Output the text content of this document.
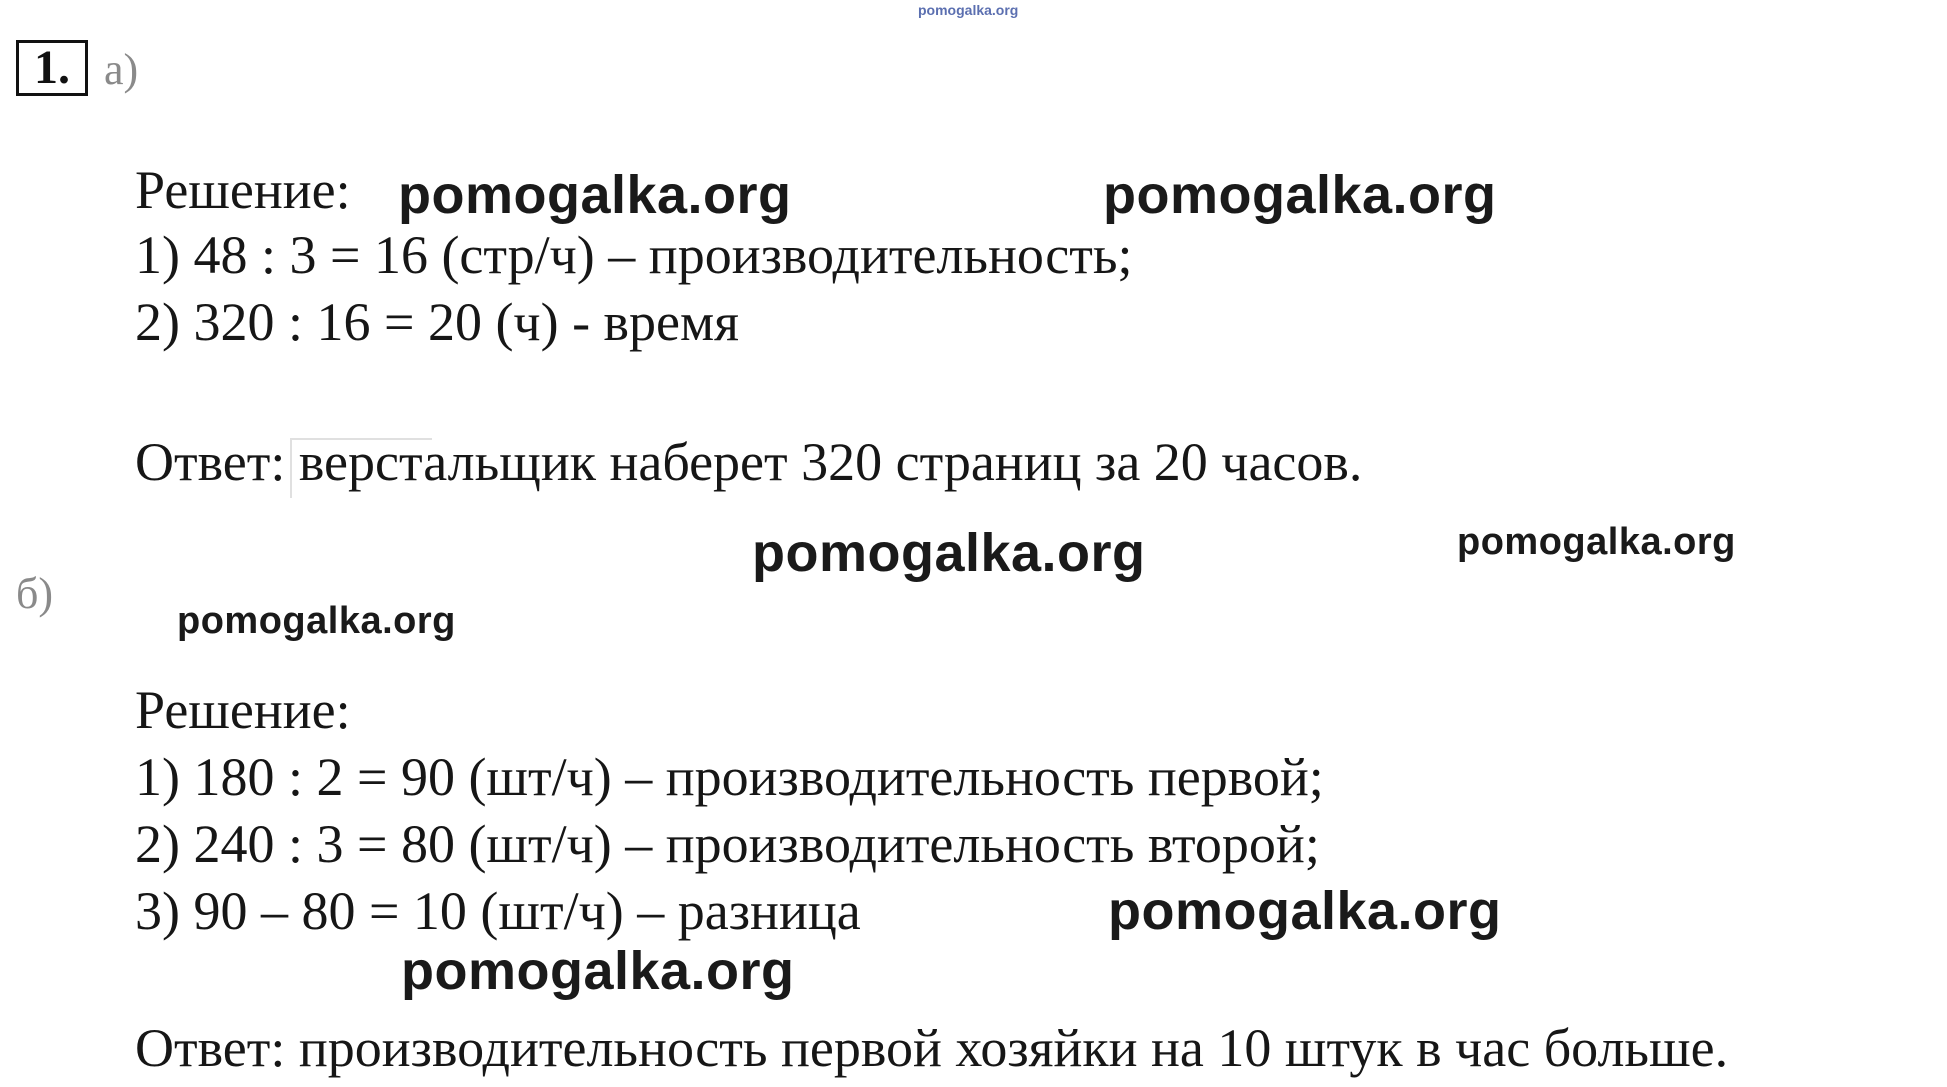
pomogalka.org
1. а)
Решение:
1) 48 : 3 = 16 (стр/ч) – производительность;
2) 320 : 16 = 20 (ч) - время
Ответ: верстальщик наберет 320 страниц за 20 часов.
б)
Решение:
1) 180 : 2 = 90 (шт/ч) – производительность первой;
2) 240 : 3 = 80 (шт/ч) – производительность второй;
3) 90 – 80 = 10 (шт/ч) – разница
Ответ: производительность первой хозяйки на 10 штук в час больше.
pomogalka.org	pomogalka.org
pomogalka.org	pomogalka.org
pomogalka.org
pomogalka.org
pomogalka.org
